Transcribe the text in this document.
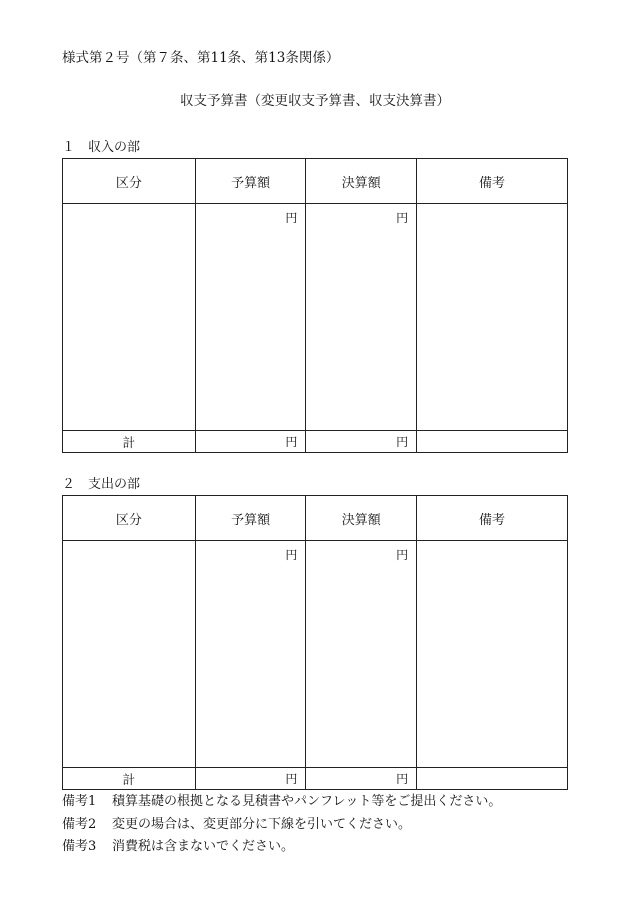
様式第２号（第７条、第11条、第13条関係）
収支予算書（変更収支予算書、収支決算書）
１　収入の部
区分	予算額	決算額	備考
	円	円	
計	円	円	
２　支出の部
区分	予算額	決算額	備考
	円	円	
計	円	円	
備考1 積算基礎の根拠となる見積書やパンフレット等をご提出ください。
備考2 変更の場合は、変更部分に下線を引いてください。
備考3 消費税は含まないでください。
